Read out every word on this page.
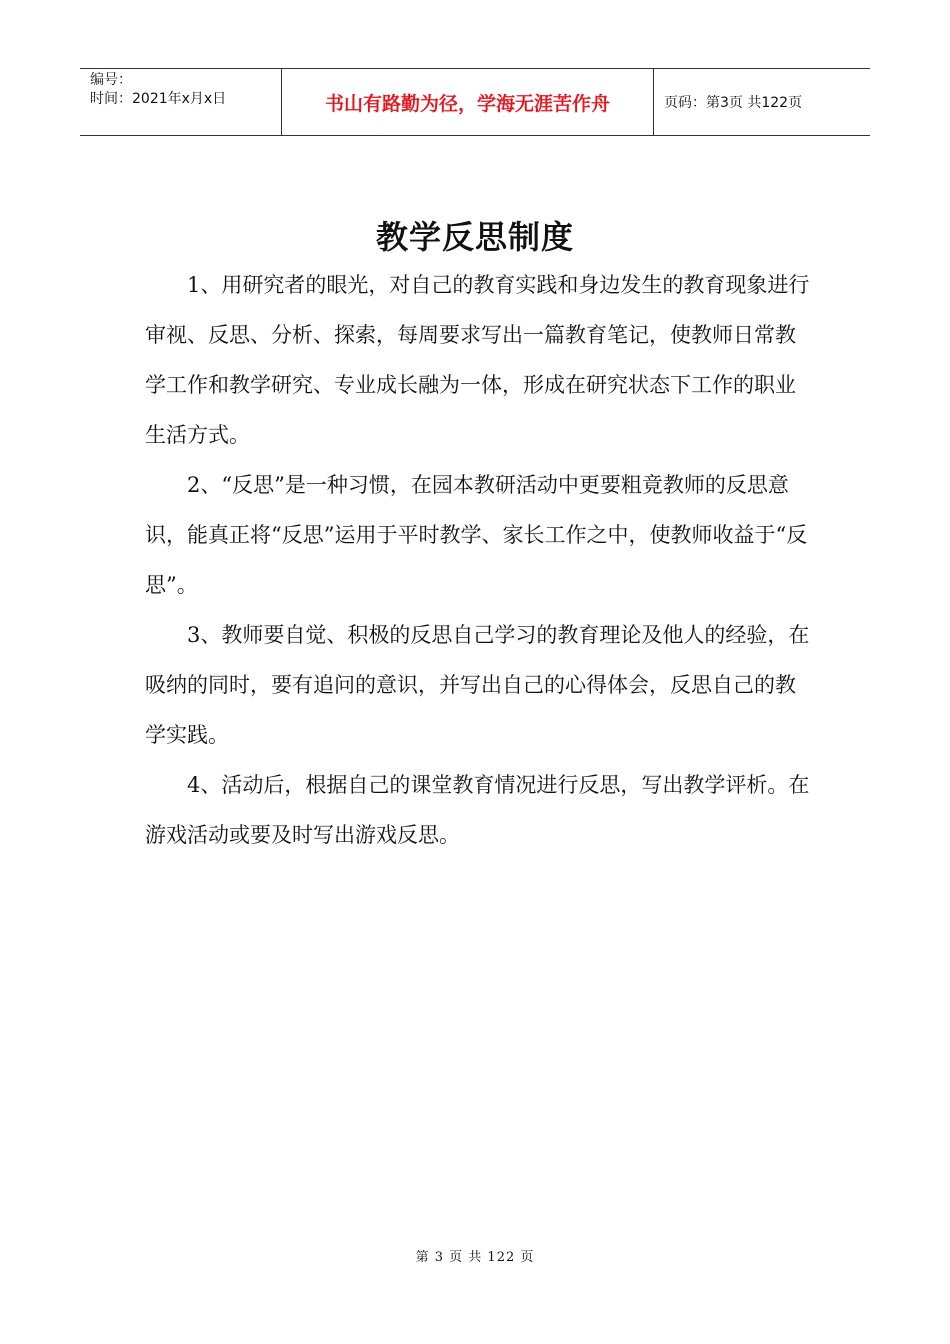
编号：
时间：2021年x月x日	书山有路勤为径，学海无涯苦作舟	页码：第3页 共122页
教学反思制度

1、用研究者的眼光，对自己的教育实践和身边发生的教育现象进行审视、反思、分析、探索，每周要求写出一篇教育笔记，使教师日常教学工作和教学研究、专业成长融为一体，形成在研究状态下工作的职业生活方式。

2、“反思”是一种习惯，在园本教研活动中更要粗竟教师的反思意识，能真正将“反思”运用于平时教学、家长工作之中，使教师收益于“反思”。

3、教师要自觉、积极的反思自己学习的教育理论及他人的经验，在吸纳的同时，要有追问的意识，并写出自己的心得体会，反思自己的教学实践。

4、活动后，根据自己的课堂教育情况进行反思，写出教学评析。在游戏活动或要及时写出游戏反思。

第 3 页 共 122 页
